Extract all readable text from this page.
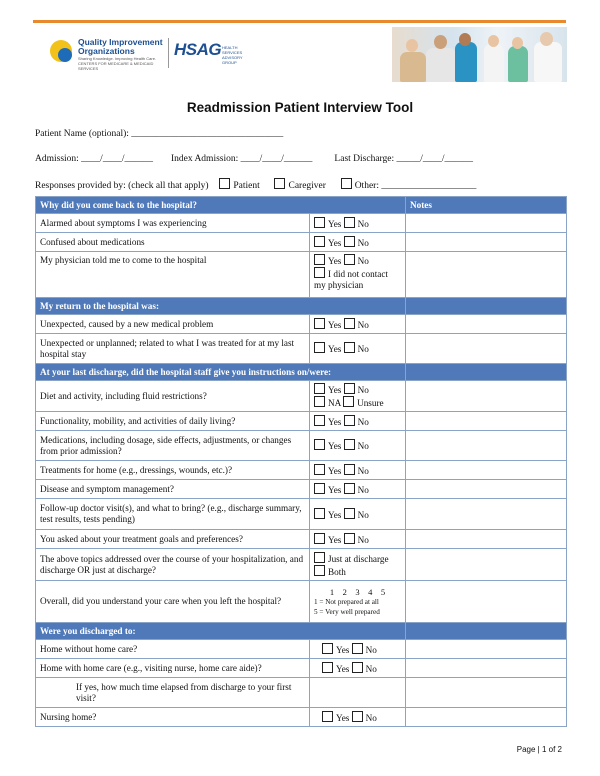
Quality Improvement Organizations
Sharing Knowledge. Improving Health Care.
CENTERS FOR MEDICARE & MEDICAID SERVICES
HSAG HEALTH SERVICES ADVISORY GROUP
Readmission Patient Interview Tool
Patient Name (optional): ________________________________
Admission: ____/____/______ Index Admission: ____/____/______ Last Discharge: _____/____/______
Responses provided by: (check all that apply)	Patient	Caregiver	Other: ____________________
Why did you come back to the hospital?		Notes
Alarmed about symptoms I was experiencing	Yes No	
Confused about medications	Yes No	
My physician told me to come to the hospital	Yes No
I did not contact my physician	

My return to the hospital was:		
Unexpected, caused by a new medical problem	Yes No	
Unexpected or unplanned; related to what I was treated for at my last hospital stay	Yes No	
At your last discharge, did the hospital staff give you instructions on/were:		
Diet and activity, including fluid restrictions?	Yes No
NA Unsure	

Functionality, mobility, and activities of daily living?	Yes No	
Medications, including dosage, side effects, adjustments, or changes from prior admission?	Yes No	
Treatments for home (e.g., dressings, wounds, etc.)?	Yes No	
Disease and symptom management?	Yes No	
Follow-up doctor visit(s), and what to bring? (e.g., discharge summary, test results, tests pending)	Yes No	
You asked about your treatment goals and preferences?	Yes No	
The above topics addressed over the course of your hospitalization, and discharge OR just at discharge?	Just at discharge
Both	

Overall, did you understand your care when you left the hospital?	1    2    3    4    5
1 = Not prepared at all
5 = Very well prepared	

Were you discharged to:		
Home without home care?	Yes No	
Home with home care (e.g., visiting nurse, home care aide)?	Yes No	
If yes, how much time elapsed from discharge to your first visit?		
Nursing home?	Yes No	
Page | 1 of 2
